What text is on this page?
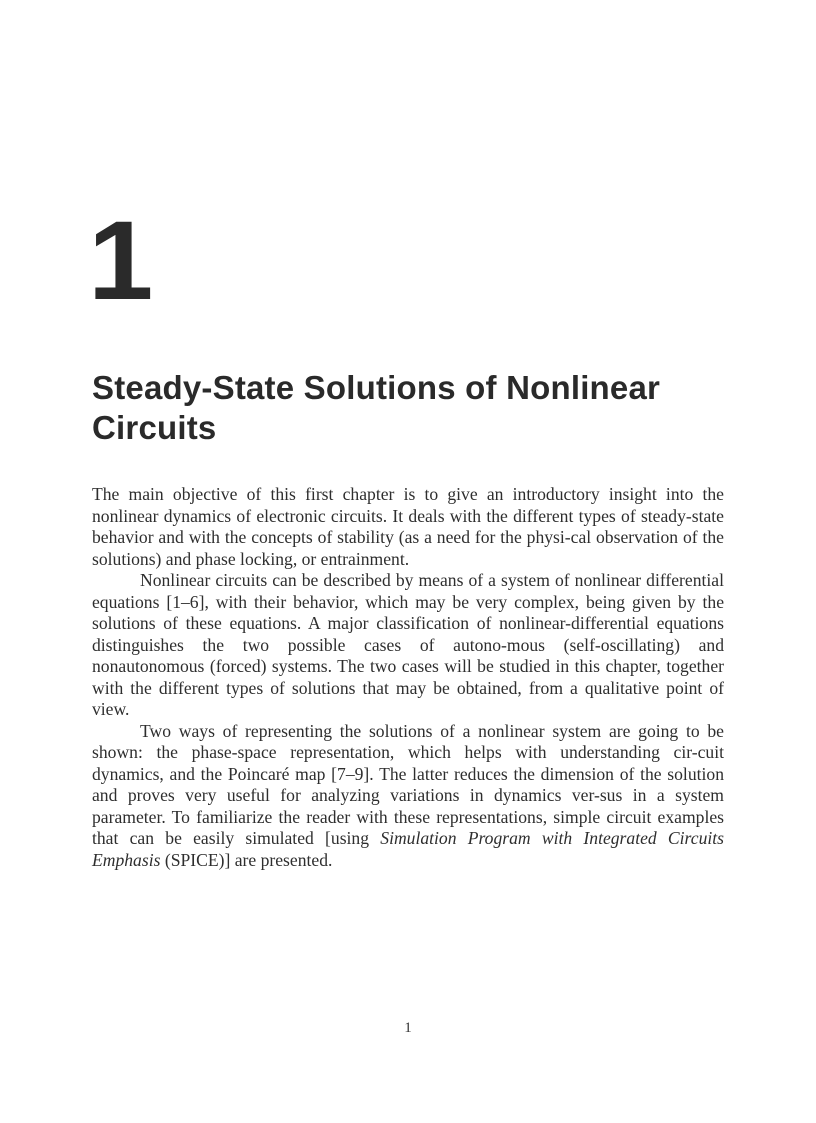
1
Steady-State Solutions of Nonlinear Circuits

The main objective of this first chapter is to give an introductory insight into the nonlinear dynamics of electronic circuits. It deals with the different types of steady-state behavior and with the concepts of stability (as a need for the physi-cal observation of the solutions) and phase locking, or entrainment.

Nonlinear circuits can be described by means of a system of nonlinear differential equations [1–6], with their behavior, which may be very complex, being given by the solutions of these equations. A major classification of nonlinear-differential equations distinguishes the two possible cases of autono-mous (self-oscillating) and nonautonomous (forced) systems. The two cases will be studied in this chapter, together with the different types of solutions that may be obtained, from a qualitative point of view.

Two ways of representing the solutions of a nonlinear system are going to be shown: the phase-space representation, which helps with understanding cir-cuit dynamics, and the Poincaré map [7–9]. The latter reduces the dimension of the solution and proves very useful for analyzing variations in dynamics ver-sus in a system parameter. To familiarize the reader with these representations, simple circuit examples that can be easily simulated [using Simulation Program with Integrated Circuits Emphasis (SPICE)] are presented.

1
